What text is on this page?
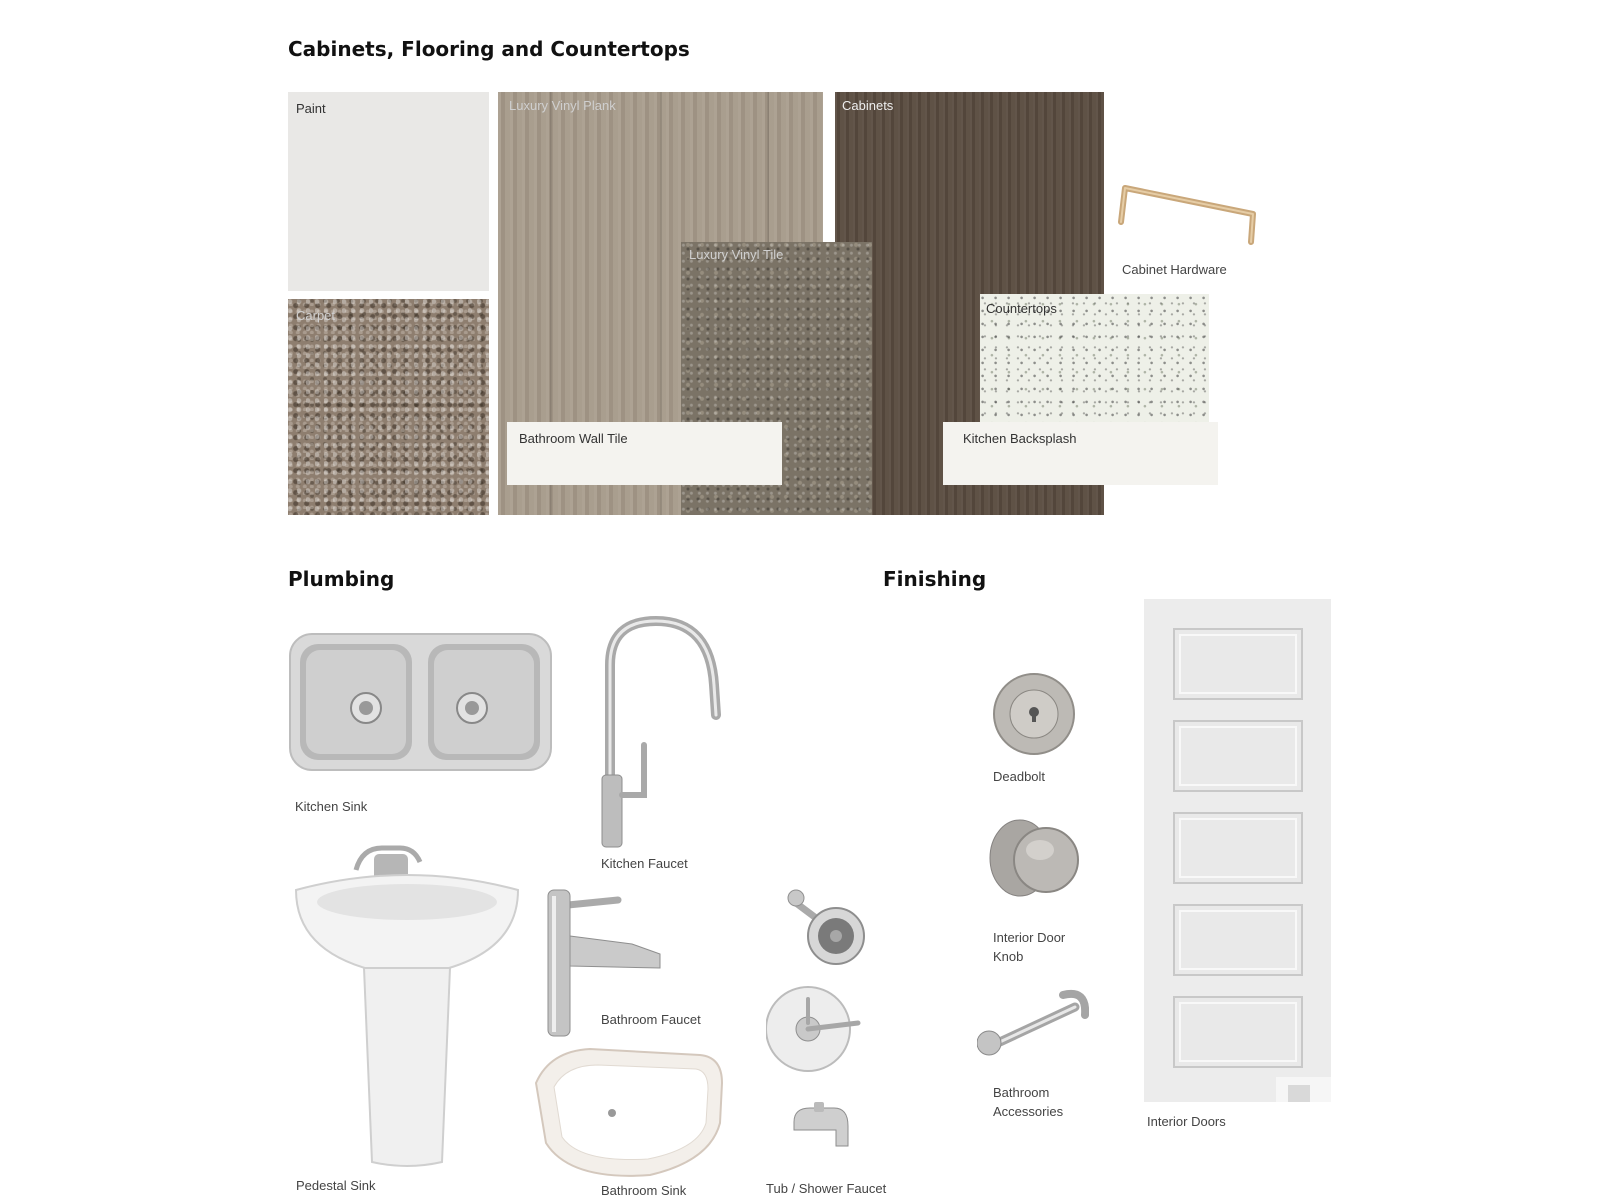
Cabinets, Flooring and Countertops
Paint
Carpet
Luxury Vinyl Plank	Cabinets
Luxury Vinyl Tile
Countertops
Bathroom Wall Tile	Kitchen Backsplash
Cabinet Hardware
Plumbing
Kitchen Sink
Kitchen Faucet
Pedestal Sink
Bathroom Faucet
Bathroom Sink	Tub / Shower Faucet
Finishing
Deadbolt
Interior Door
Knob
Bathroom
Accessories
Interior Doors
